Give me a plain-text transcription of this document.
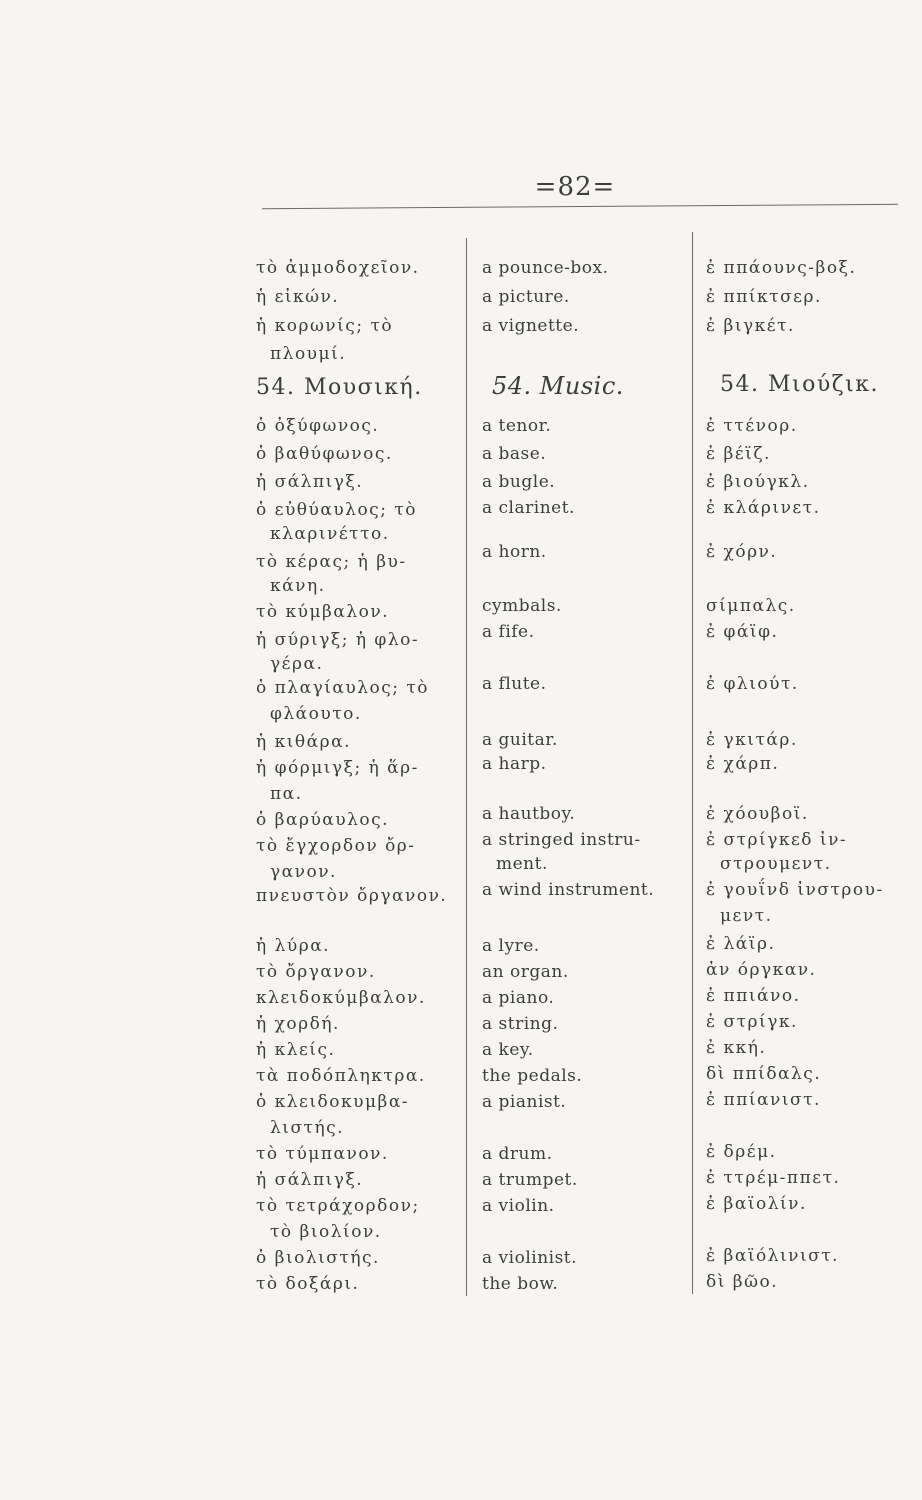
=82=
τὸ ἀμμοδοχεῖον.
ἡ εἰκών.
ἡ κορωνίς; τὸ
πλουμί.
54. Μουσική.
ὁ ὀξύφωνος.
ὁ βαθύφωνος.
ἡ σάλπιγξ.
ὁ εὐθύαυλος; τὸ
κλαρινέττο.
τὸ κέρας; ἡ βυ-
κάνη.
τὸ κύμβαλον.
ἡ σύριγξ; ἡ φλο-
γέρα.
ὁ πλαγίαυλος; τὸ
φλάουτο.
ἡ κιθάρα.
ἡ φόρμιγξ; ἡ ἅρ-
πα.
ὁ βαρύαυλος.
τὸ ἔγχορδον ὄρ-
γανον.
πνευστὸν ὄργανον.
ἡ λύρα.
τὸ ὄργανον.
κλειδοκύμβαλον.
ἡ χορδή.
ἡ κλείς.
τὰ ποδόπληκτρα.
ὁ κλειδοκυμβα-
λιστής.
τὸ τύμπανον.
ἡ σάλπιγξ.
τὸ τετράχορδον;
τὸ βιολίον.
ὁ βιολιστής.
τὸ δοξάρι.
a pounce-box.
a picture.
a vignette.
54. Music.
a tenor.
a base.
a bugle.
a clarinet.
a horn.
cymbals.
a fife.
a flute.
a guitar.
a harp.
a hautboy.
a stringed instru-
ment.
a wind instrument.
a lyre.
an organ.
a piano.
a string.
a key.
the pedals.
a pianist.
a drum.
a trumpet.
a violin.
a violinist.
the bow.
ἐ ππάουνς-βοξ.
ἐ ππίκτσερ.
ἐ βιγκέτ.
54. Μιούζικ.
ἐ ττένορ.
ἐ βέϊζ.
ἐ βιούγκλ.
ἐ κλάρινετ.
ἐ χόρν.
σίμπαλς.
ἐ φάϊφ.
ἐ φλιούτ.
ἐ γκιτάρ.
ἐ χάρπ.
ἐ χόουβοϊ.
ἐ στρίγκεδ ἰν-
στρουμεντ.
ἐ γουΐνδ ἰνστρου-
μεντ.
ἐ λάϊρ.
ἀν όργκαν.
ἐ ππιάνο.
ἐ στρίγκ.
ἐ κκή.
δὶ ππίδαλς.
ἐ ππίανιστ.
ἐ δρέμ.
ἐ ττρέμ-ππετ.
ἐ βαϊολίν.
ἐ βαϊόλινιστ.
δὶ βῶο.
